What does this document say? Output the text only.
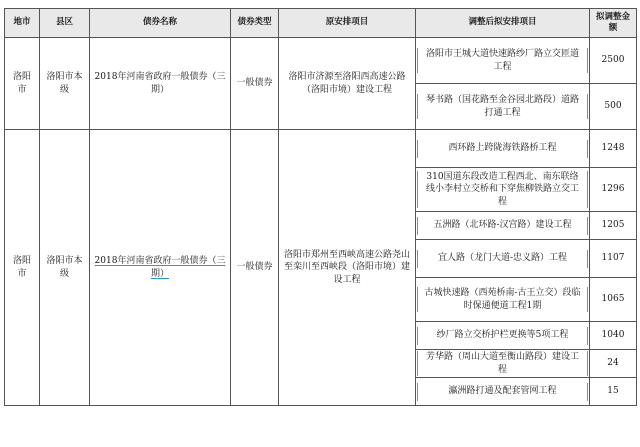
地市	县区	债券名称	债券类型	原安排项目	调整后拟安排项目	拟调整金额
洛阳市	洛阳市本级	2018年河南省政府一般债券（三期）	一般债券	洛阳市济源至洛阳西高速公路（洛阳市境）建设工程	洛阳市王城大道快速路纱厂路立交匝道工程	2500

琴书路（国花路至金谷园北路段）道路打通工程	500
洛阳市	洛阳市本级	2018年河南省政府一般债券（三期）	一般债券	洛阳市郑州至西峡高速公路尧山至栾川至西峡段（洛阳市境）建设工程	西环路上跨陇海铁路桥工程	1248

310国道东段改造工程西北、南东联络线小李村立交桥和下穿焦柳铁路立交工程	1296

五洲路（北环路-汉宫路）建设工程	1205

宜人路（龙门大道-忠义路）工程	1107

古城快速路（西苑桥南-古王立交）段临时保通便道工程1期	1065

纱厂路立交桥护栏更换等5项工程	1040

芳华路（周山大道至衡山路段）建设工程	24

瀛洲路打通及配套管网工程	15
